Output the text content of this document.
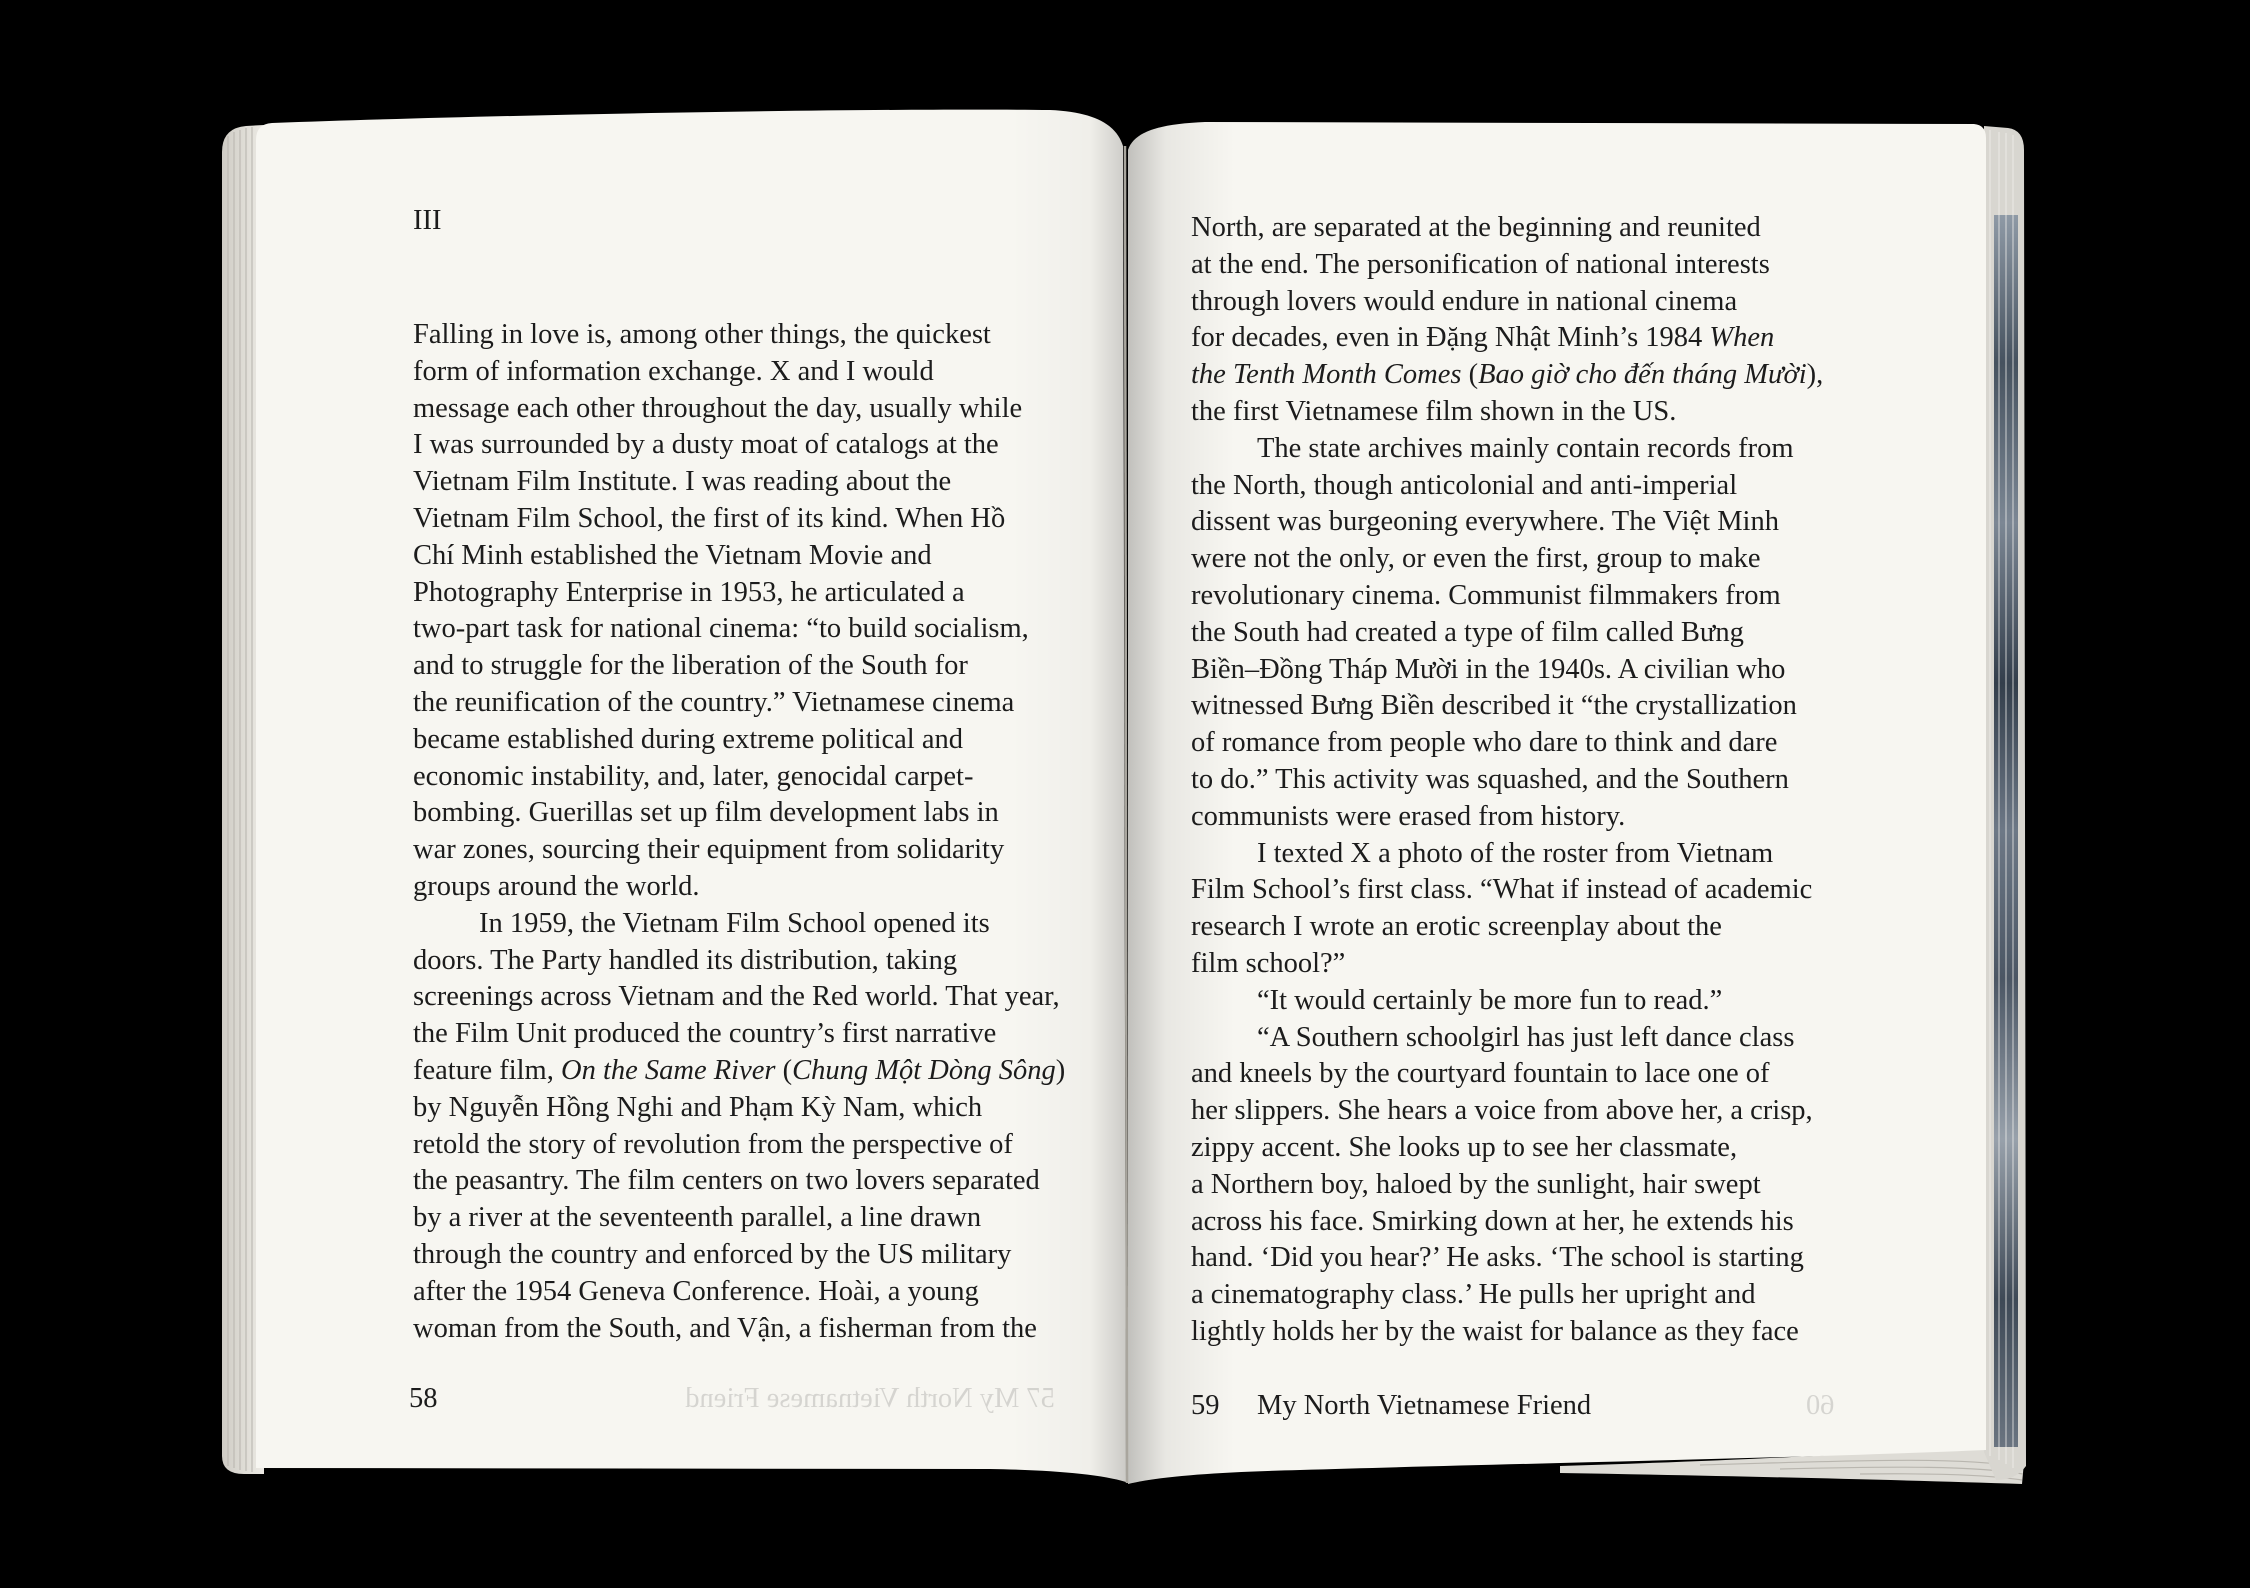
III
Falling in love is, among other things, the quickest
form of information exchange. X and I would
message each other throughout the day, usually while
I was surrounded by a dusty moat of catalogs at the
Vietnam Film Institute. I was reading about the
Vietnam Film School, the first of its kind. When Hồ
Chí Minh established the Vietnam Movie and
Photography Enterprise in 1953, he articulated a
two-part task for national cinema: “to build socialism,
and to struggle for the liberation of the South for
the reunification of the country.” Vietnamese cinema
became established during extreme political and
economic instability, and, later, genocidal carpet-
bombing. Guerillas set up film development labs in
war zones, sourcing their equipment from solidarity
groups around the world.
In 1959, the Vietnam Film School opened its
doors. The Party handled its distribution, taking
screenings across Vietnam and the Red world. That year,
the Film Unit produced the country’s first narrative
feature film, On the Same River (Chung Một Dòng Sông)
by Nguyễn Hồng Nghi and Phạm Kỳ Nam, which
retold the story of revolution from the perspective of
the peasantry. The film centers on two lovers separated
by a river at the seventeenth parallel, a line drawn
through the country and enforced by the US military
after the 1954 Geneva Conference. Hoài, a young
woman from the South, and Vận, a fisherman from the
58	57 My North Vietnamese Friend
North, are separated at the beginning and reunited
at the end. The personification of national interests
through lovers would endure in national cinema
for decades, even in Đặng Nhật Minh’s 1984 When
the Tenth Month Comes (Bao giờ cho đến tháng Mười),
the first Vietnamese film shown in the US.
The state archives mainly contain records from
the North, though anticolonial and anti-imperial
dissent was burgeoning everywhere. The Việt Minh
were not the only, or even the first, group to make
revolutionary cinema. Communist filmmakers from
the South had created a type of film called Bưng
Biền–Đồng Tháp Mười in the 1940s. A civilian who
witnessed Bưng Biền described it “the crystallization
of romance from people who dare to think and dare
to do.” This activity was squashed, and the Southern
communists were erased from history.
I texted X a photo of the roster from Vietnam
Film School’s first class. “What if instead of academic
research I wrote an erotic screenplay about the
film school?”
“It would certainly be more fun to read.”
“A Southern schoolgirl has just left dance class
and kneels by the courtyard fountain to lace one of
her slippers. She hears a voice from above her, a crisp,
zippy accent. She looks up to see her classmate,
a Northern boy, haloed by the sunlight, hair swept
across his face. Smirking down at her, he extends his
hand. ‘Did you hear?’ He asks. ‘The school is starting
a cinematography class.’ He pulls her upright and
lightly holds her by the waist for balance as they face
59 My North Vietnamese Friend	60
